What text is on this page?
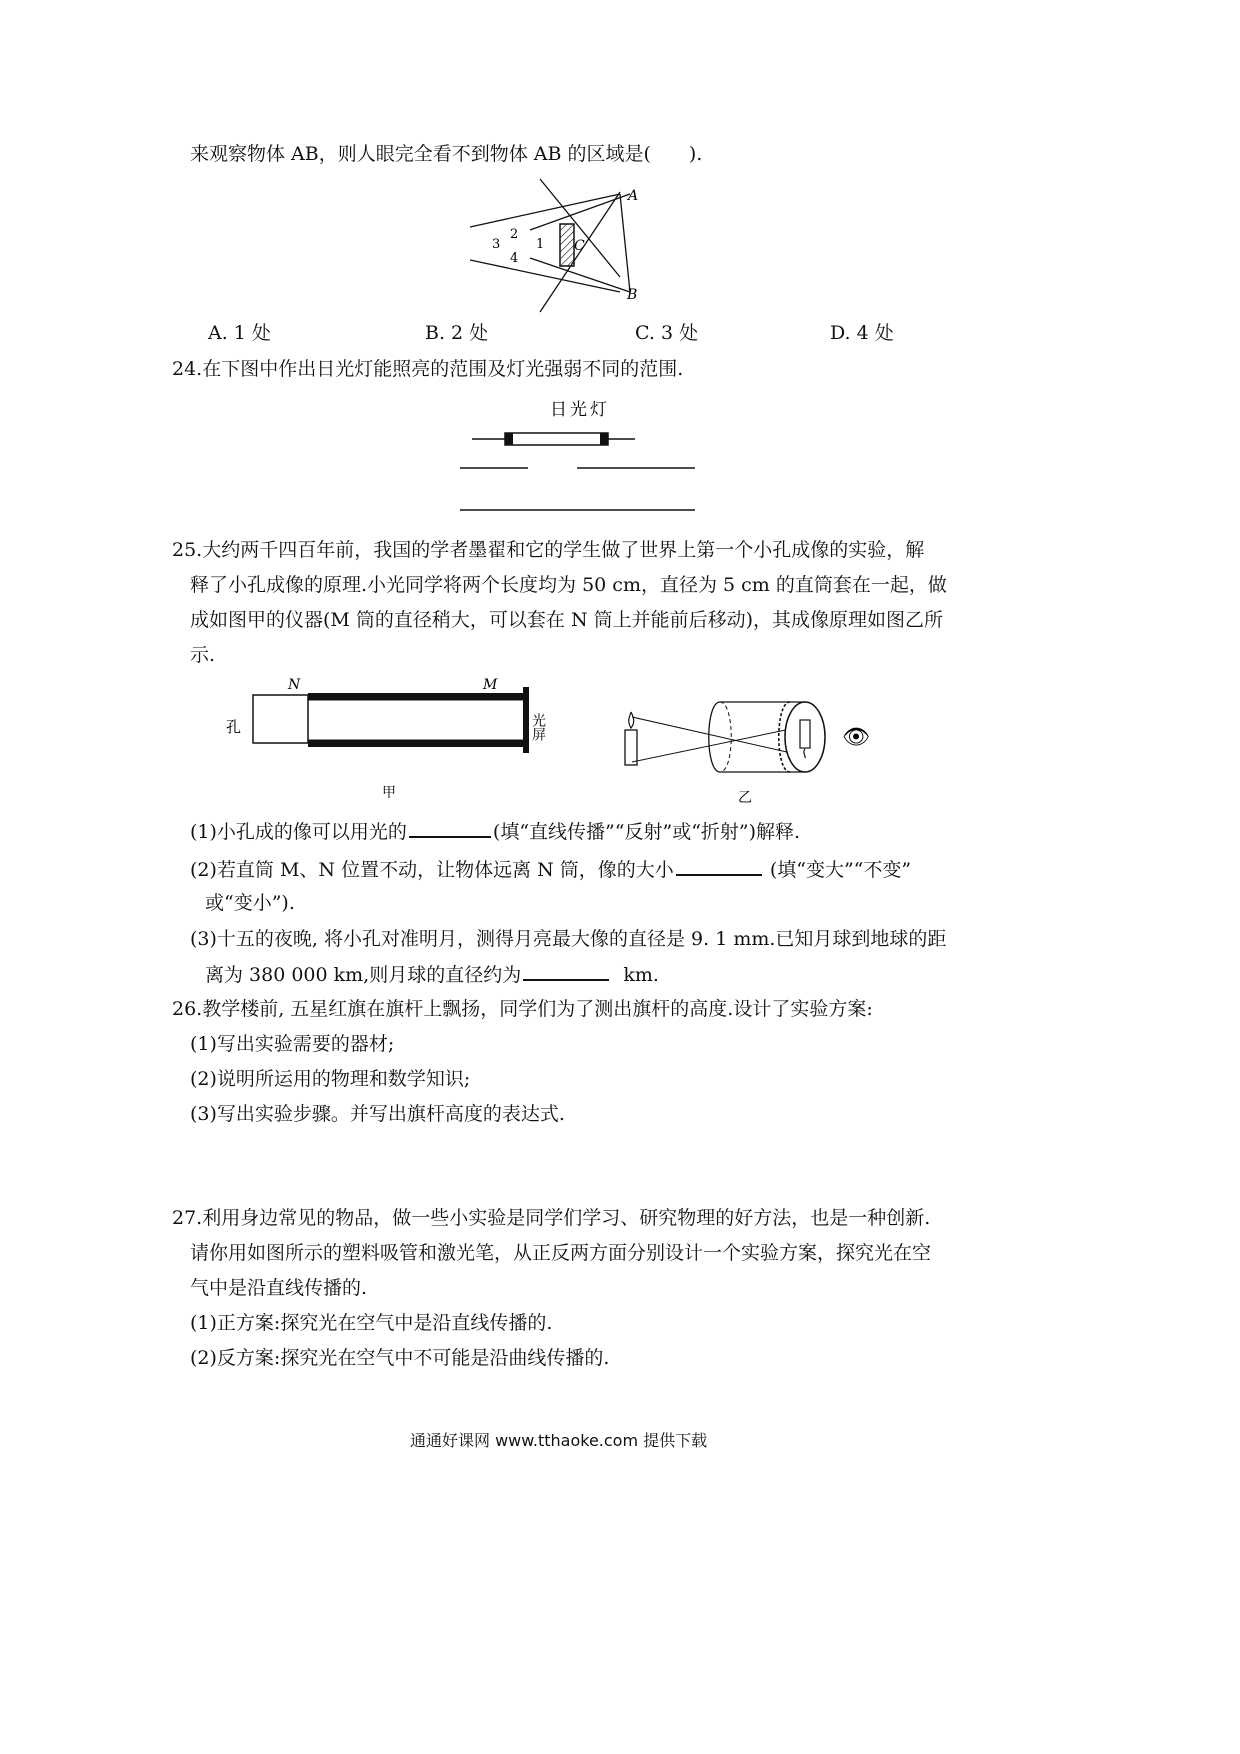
来观察物体 AB，则人眼完全看不到物体 AB 的区域是(　　).
A
B
C
1
2
3
4
A. 1 处	B. 2 处	C. 3 处	D. 4 处
24.在下图中作出日光灯能照亮的范围及灯光强弱不同的范围.
日光灯
25.大约两千四百年前，我国的学者墨翟和它的学生做了世界上第一个小孔成像的实验，解
释了小孔成像的原理.小光同学将两个长度均为 50 cm，直径为 5 cm 的直筒套在一起，做
成如图甲的仪器(M 筒的直径稍大，可以套在 N 筒上并能前后移动)，其成像原理如图乙所
示.
N	M
孔	光屏
甲
👁
乙
(1)小孔成的像可以用光的	(填“直线传播”“反射”或“折射”)解释.
(2)若直筒 M、N 位置不动，让物体远离 N 筒，像的大小	(填“变大”“不变”
或“变小”).
(3)十五的夜晚, 将小孔对准明月，测得月亮最大像的直径是 9. 1 mm.已知月球到地球的距
离为 380 000 km,则月球的直径约为	km.
26.教学楼前, 五星红旗在旗杆上飘扬，同学们为了测出旗杆的高度.设计了实验方案:
(1)写出实验需要的器材;
(2)说明所运用的物理和数学知识;
(3)写出实验步骤。并写出旗杆高度的表达式.
27.利用身边常见的物品，做一些小实验是同学们学习、研究物理的好方法，也是一种创新.
请你用如图所示的塑料吸管和激光笔，从正反两方面分别设计一个实验方案，探究光在空
气中是沿直线传播的.
(1)正方案:探究光在空气中是沿直线传播的.
(2)反方案:探究光在空气中不可能是沿曲线传播的.
通通好课网 www.tthaoke.com 提供下载
